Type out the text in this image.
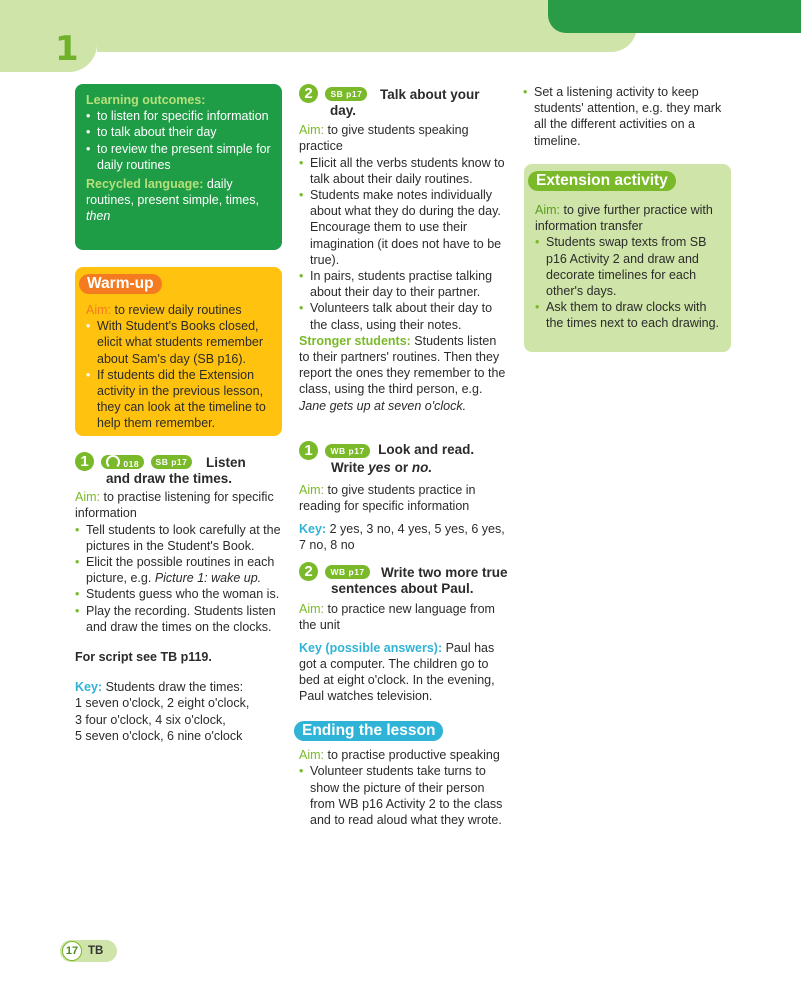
1
Learning outcomes:
• to listen for specific information
• to talk about their day
• to review the present simple for daily routines

Recycled language: daily routines, present simple, times, then

Warm-up

Aim: to review daily routines

• With Student's Books closed, elicit what students remember about Sam's day (SB p16).
• If students did the Extension activity in the previous lesson, they can look at the timeline to help them remember.
1	018 SB p17	Listen and draw the times.

Aim: to practise listening for specific information

• Tell students to look carefully at the pictures in the Student's Book.
• Elicit the possible routines in each picture, e.g. Picture 1: wake up.
• Students guess who the woman is.
• Play the recording. Students listen and draw the times on the clocks.

For script see TB p119.

Key: Students draw the times:

1 seven o'clock, 2 eight o'clock,

3 four o'clock, 4 six o'clock,

5 seven o'clock, 6 nine o'clock

2 SB p17	Talk about your day.

Aim: to give students speaking practice

• Elicit all the verbs students know to talk about their daily routines.
• Students make notes individually about what they do during the day. Encourage them to use their imagination (it does not have to be true).
• In pairs, students practise talking about their day to their partner.
• Volunteers talk about their day to the class, using their notes.

Stronger students: Students listen to their partners' routines. Then they report the ones they remember to the class, using the third person, e.g. Jane gets up at seven o'clock.

1 WB p17 Look and read.
Write yes or no.

Aim: to give students practice in reading for specific information

Key: 2 yes, 3 no, 4 yes, 5 yes, 6 yes, 7 no, 8 no

2 WB p17	Write two more true sentences about Paul.

Aim: to practice new language from the unit

Key (possible answers): Paul has got a computer. The children go to bed at eight o'clock. In the evening, Paul watches television.

Ending the lesson

Aim: to practise productive speaking

• Volunteer students take turns to show the picture of their person from WB p16 Activity 2 to the class and to read aloud what they wrote.
• Set a listening activity to keep students' attention, e.g. they mark all the different activities on a timeline.
Extension activity

Aim: to give further practice with information transfer

• Students swap texts from SB p16 Activity 2 and draw and decorate timelines for each other's days.
• Ask them to draw clocks with the times next to each drawing.
17 TB
